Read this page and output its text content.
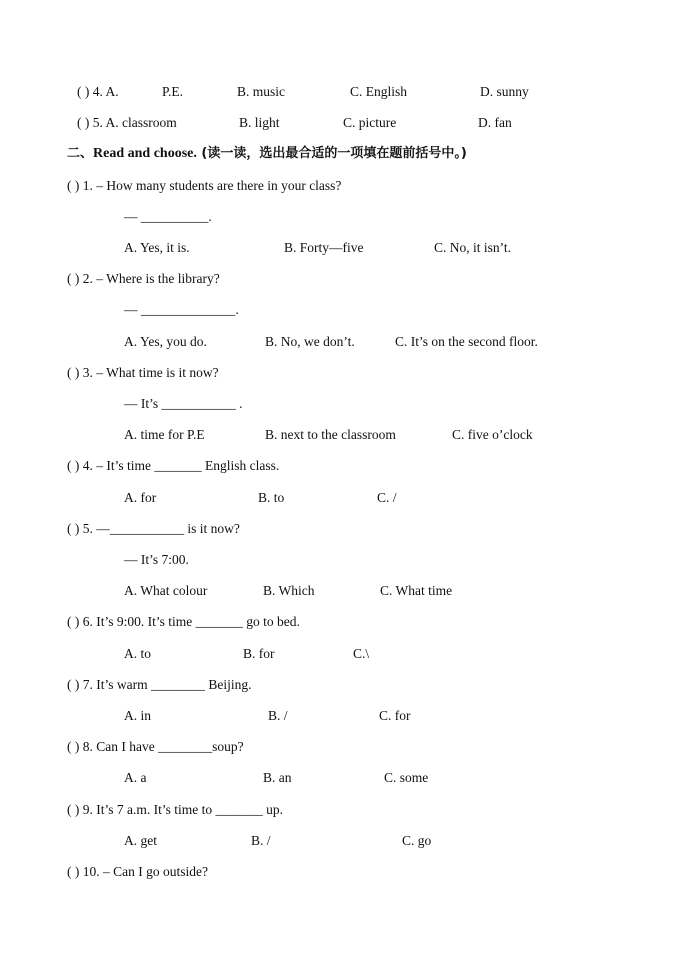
( ) 4. A.	P.E.	B. music	C. English	D. sunny
( ) 5. A. classroom	B. light	C. picture	D. fan
二、Read and choose. (读一读，选出最合适的一项填在题前括号中。)
( ) 1. – How many students are there in your class?
— __________.
A. Yes, it is.	B. Forty—five	C. No, it isn’t.
( ) 2. – Where is the library?
— ______________.
A. Yes, you do.	B. No, we don’t.	C. It’s on the second floor.
( ) 3. – What time is it now?
— It’s ___________ .
A. time for P.E	B. next to the classroom	C. five o’clock
( ) 4. – It’s time _______ English class.
A. for	B. to	C. /
( ) 5. —___________ is it now?
— It’s 7:00.
A. What colour	B. Which	C. What time
( ) 6. It’s 9:00. It’s time _______ go to bed.
A. to	B. for	C.\
( ) 7. It’s warm ________ Beijing.
A. in	B. /	C. for
( ) 8. Can I have ________soup?
A. a	B. an	C. some
( ) 9. It’s 7 a.m. It’s time to _______ up.
A. get	B. /	C. go
( ) 10. – Can I go outside?
